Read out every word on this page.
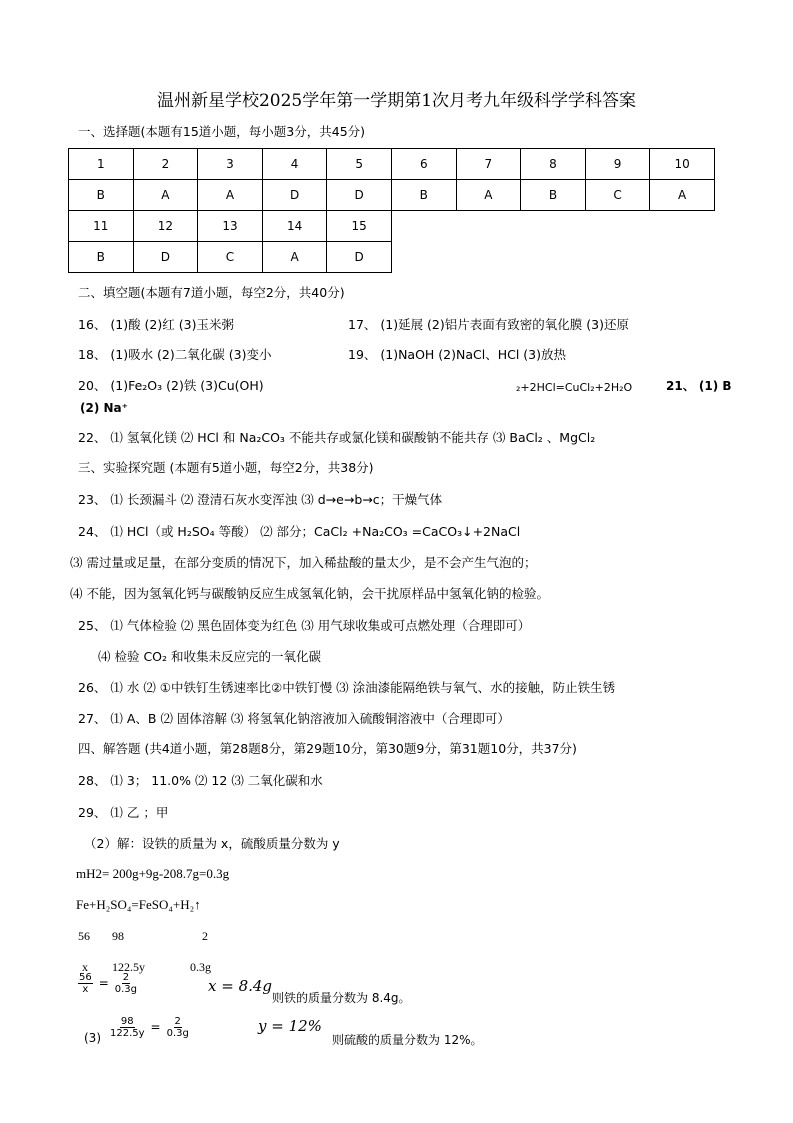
温州新星学校2025学年第一学期第1次月考九年级科学学科答案
一、选择题(本题有15道小题，每小题3分，共45分)
1	2	3	4	5	6	7	8	9	10
B	A	A	D	D	B	A	B	C	A
11	12	13	14	15					
B	D	C	A	D					
二、填空题(本题有7道小题，每空2分，共40分)
16、 (1)酸 (2)红 (3)玉米粥	17、 (1)延展 (2)铝片表面有致密的氧化膜 (3)还原
18、 (1)吸水 (2)二氧化碳 (3)变小	19、 (1)NaOH (2)NaCl、HCl (3)放热
20、 (1)Fe₂O₃ (2)铁 (3)Cu(OH)	₂+2HCl=CuCl₂+2H₂O	21、 (1) B
(2) Na⁺
22、 ⑴ 氢氧化镁 ⑵ HCl 和 Na₂CO₃ 不能共存或氯化镁和碳酸钠不能共存 ⑶ BaCl₂ 、MgCl₂
三、实验探究题 (本题有5道小题，每空2分，共38分)
23、 ⑴ 长颈漏斗 ⑵ 澄清石灰水变浑浊 ⑶ d→e→b→c；干燥气体
24、 ⑴ HCl（或 H₂SO₄ 等酸） ⑵ 部分；CaCl₂ +Na₂CO₃ =CaCO₃↓+2NaCl
⑶ 需过量或足量，在部分变质的情况下，加入稀盐酸的量太少，是不会产生气泡的；
⑷ 不能，因为氢氧化钙与碳酸钠反应生成氢氧化钠，会干扰原样品中氢氧化钠的检验。
25、 ⑴ 气体检验 ⑵ 黑色固体变为红色 ⑶ 用气球收集或可点燃处理（合理即可）
⑷ 检验 CO₂ 和收集未反应完的一氧化碳
26、 ⑴ 水 ⑵ ①中铁钉生锈速率比②中铁钉慢 ⑶ 涂油漆能隔绝铁与氧气、水的接触，防止铁生锈
27、 ⑴ A、B ⑵ 固体溶解 ⑶ 将氢氧化钠溶液加入硫酸铜溶液中（合理即可）
四、解答题 (共4道小题，第28题8分，第29题10分，第30题9分，第31题10分，共37分)
28、 ⑴ 3； 11.0% ⑵ 12 ⑶ 二氧化碳和水
29、 ⑴ 乙 ；甲
（2）解：设铁的质量为 x，硫酸质量分数为 y
mH2= 200g+9g-208.7g=0.3g
Fe+H₂SO₄=FeSO₄+H₂↑
56 98	2
x 122.5y	0.3g
$\frac{56}{x} = \frac{2}{0.3g}$	x = 8.4g
则铁的质量分数为 8.4g。
$(3) \frac{98}{122.5y} = \frac{2}{0.3g}$	y = 12%
则硫酸的质量分数为 12%。
